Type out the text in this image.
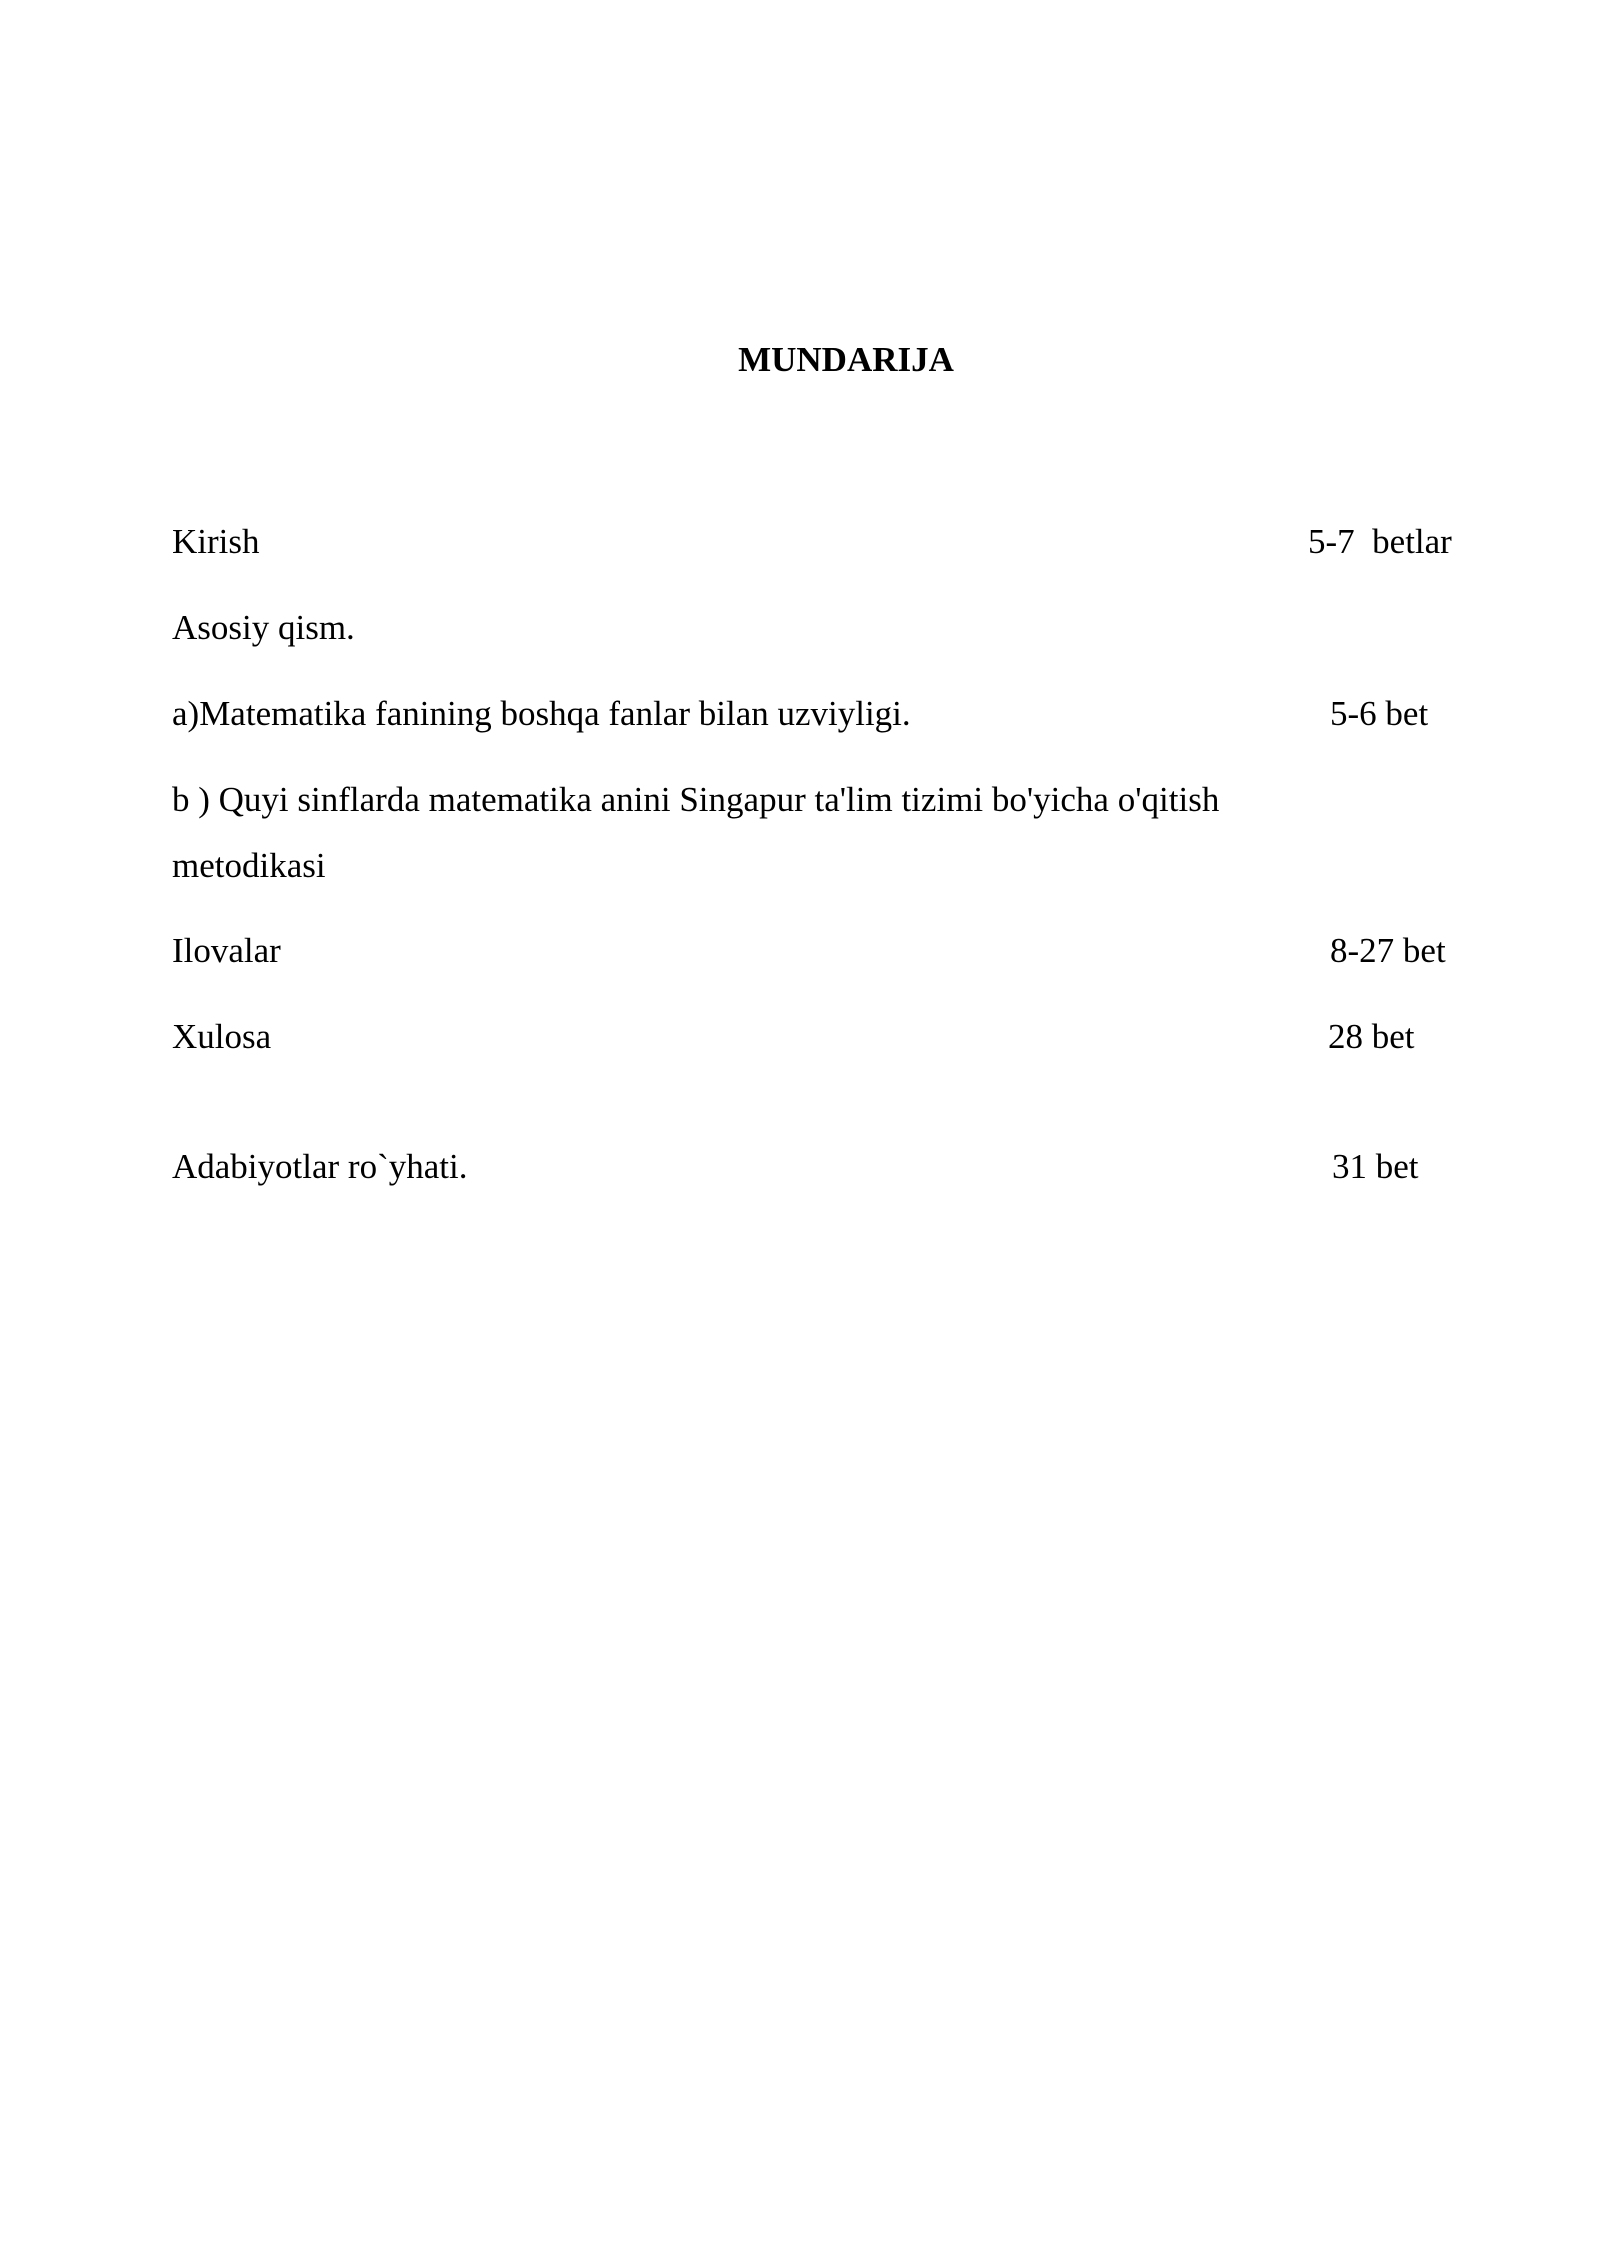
MUNDARIJA
Kirish	5-7  betlar
Asosiy qism.
a)Matematika fanining boshqa fanlar bilan uzviyligi.	5-6 bet
b ) Quyi sinflarda matematika anini Singapur ta'lim tizimi bo'yicha o'qitish metodikasi
Ilovalar	8-27 bet
Xulosa	28 bet
Adabiyotlar ro`yhati.	31 bet
